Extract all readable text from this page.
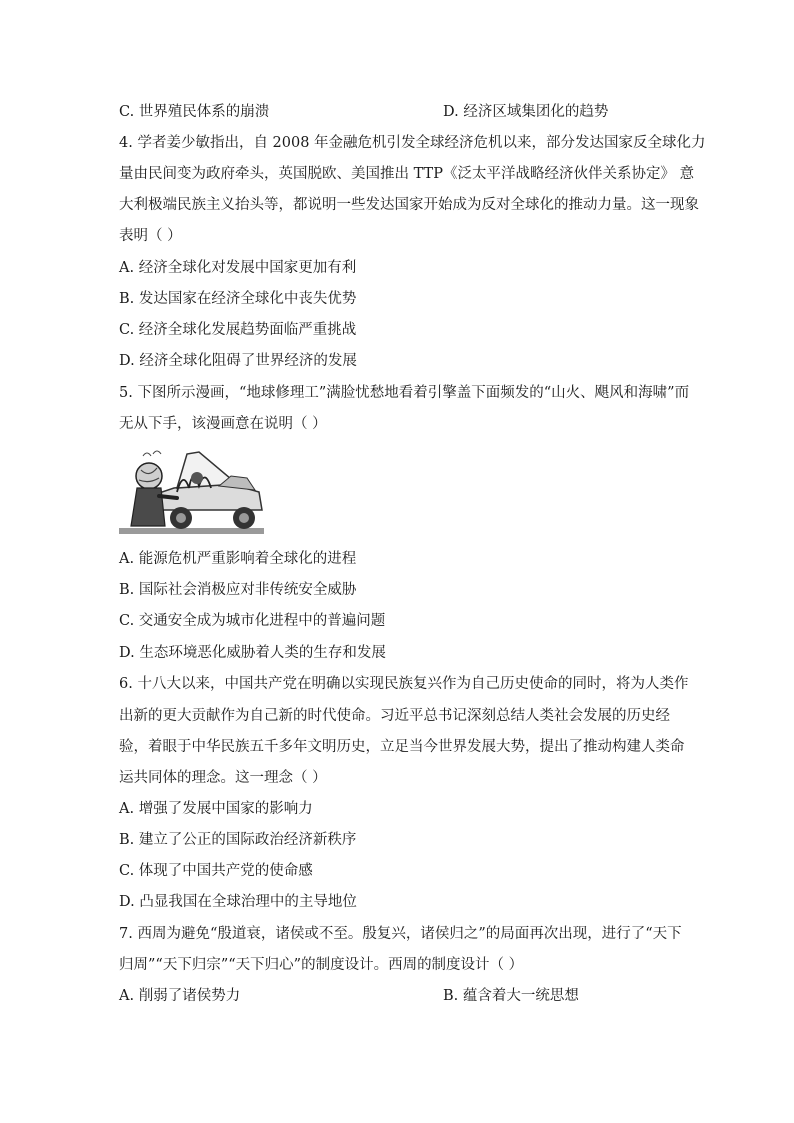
C. 世界殖民体系的崩溃	D. 经济区域集团化的趋势
4. 学者姜少敏指出，自 2008 年金融危机引发全球经济危机以来，部分发达国家反全球化力
量由民间变为政府牵头，英国脱欧、美国推出 TTP《泛太平洋战略经济伙伴关系协定》 意
大利极端民族主义抬头等，都说明一些发达国家开始成为反对全球化的推动力量。这一现象
表明（ ）
A. 经济全球化对发展中国家更加有利
B. 发达国家在经济全球化中丧失优势
C. 经济全球化发展趋势面临严重挑战
D. 经济全球化阻碍了世界经济的发展
5. 下图所示漫画，“地球修理工”满脸忧愁地看着引擎盖下面频发的“山火、飓风和海啸”而
无从下手，该漫画意在说明（ ）
A. 能源危机严重影响着全球化的进程
B. 国际社会消极应对非传统安全威胁
C. 交通安全成为城市化进程中的普遍问题
D. 生态环境恶化威胁着人类的生存和发展
6. 十八大以来，中国共产党在明确以实现民族复兴作为自己历史使命的同时，将为人类作
出新的更大贡献作为自己新的时代使命。习近平总书记深刻总结人类社会发展的历史经
验，着眼于中华民族五千多年文明历史，立足当今世界发展大势，提出了推动构建人类命
运共同体的理念。这一理念（ ）
A. 增强了发展中国家的影响力
B. 建立了公正的国际政治经济新秩序
C. 体现了中国共产党的使命感
D. 凸显我国在全球治理中的主导地位
7. 西周为避免“殷道衰，诸侯或不至。殷复兴，诸侯归之”的局面再次出现，进行了“天下
归周”“天下归宗”“天下归心”的制度设计。西周的制度设计（ ）
A. 削弱了诸侯势力	B. 蕴含着大一统思想
